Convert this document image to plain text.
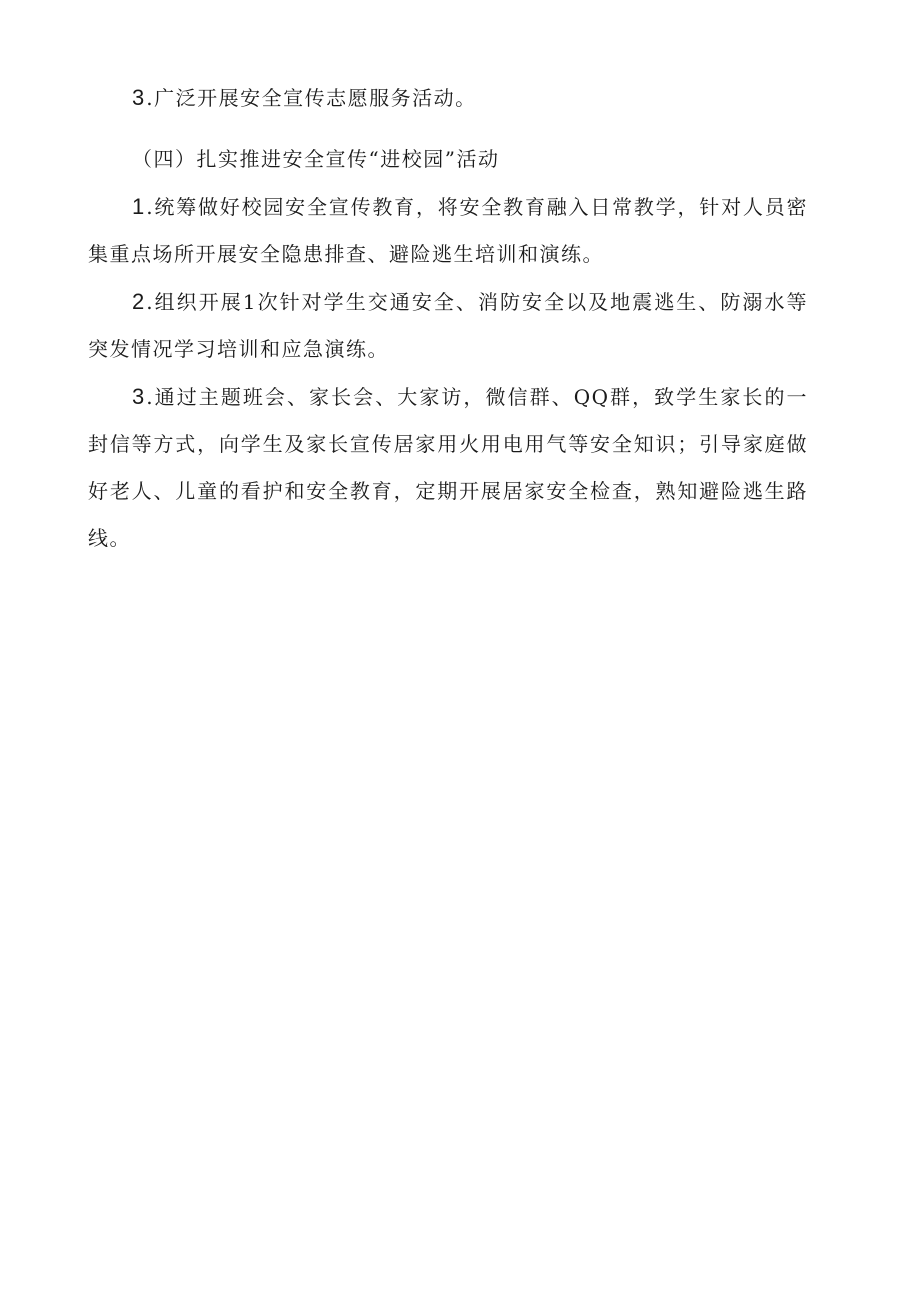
3.广泛开展安全宣传志愿服务活动。

（四）扎实推进安全宣传“进校园”活动

1.统筹做好校园安全宣传教育，将安全教育融入日常教学，针对人员密集重点场所开展安全隐患排查、避险逃生培训和演练。

2.组织开展1次针对学生交通安全、消防安全以及地震逃生、防溺水等突发情况学习培训和应急演练。

3.通过主题班会、家长会、大家访，微信群、QQ群，致学生家长的一封信等方式，向学生及家长宣传居家用火用电用气等安全知识；引导家庭做好老人、儿童的看护和安全教育，定期开展居家安全检查，熟知避险逃生路线。
